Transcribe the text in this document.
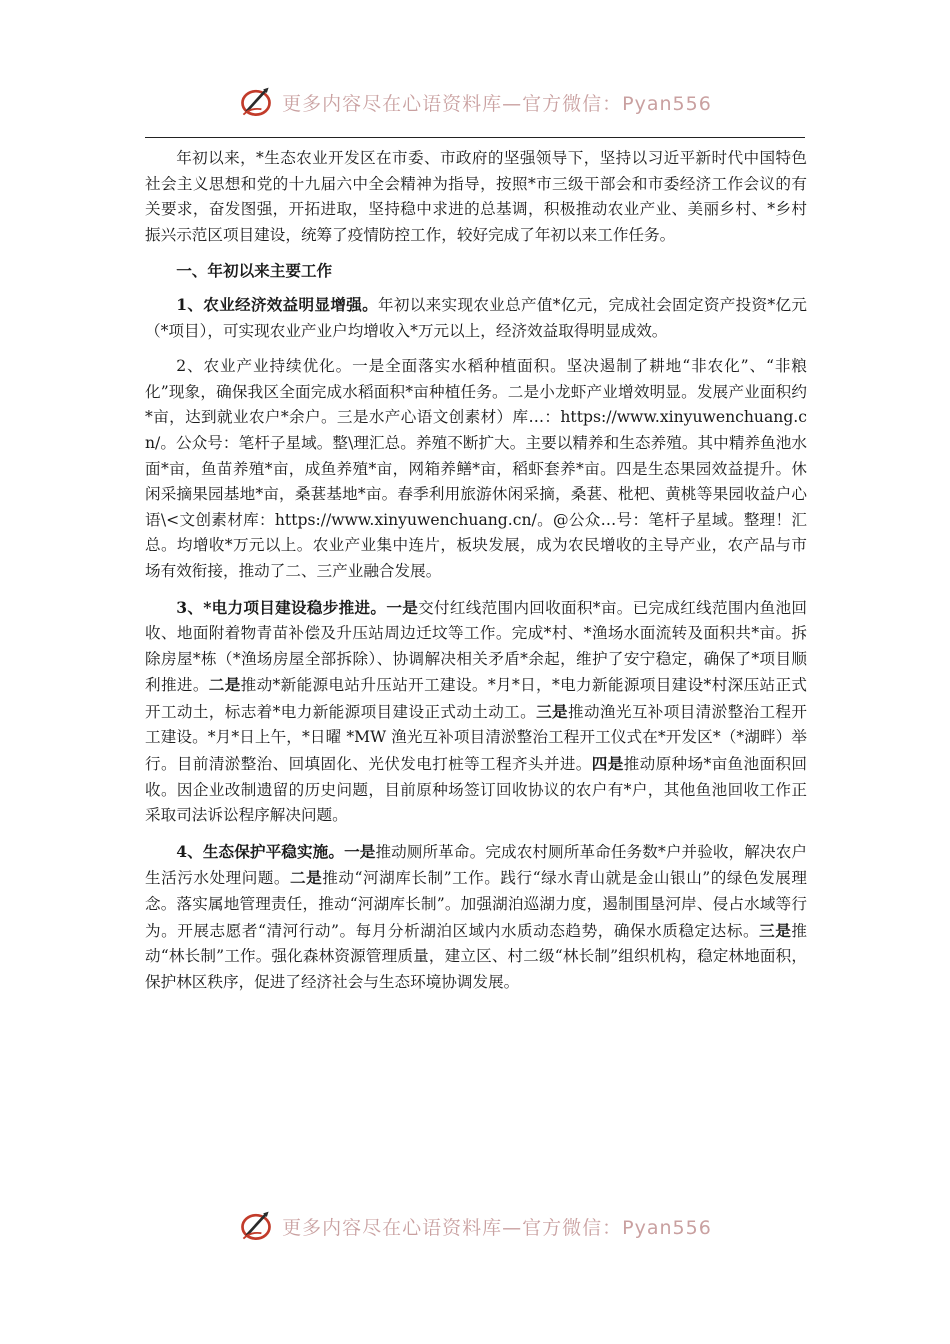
更多内容尽在心语资料库—官方微信：Pyan556

年初以来，*生态农业开发区在市委、市政府的坚强领导下，坚持以习近平新时代中国特色社会主义思想和党的十九届六中全会精神为指导，按照*市三级干部会和市委经济工作会议的有关要求，奋发图强，开拓进取，坚持稳中求进的总基调，积极推动农业产业、美丽乡村、*乡村振兴示范区项目建设，统筹了疫情防控工作，较好完成了年初以来工作任务。

一、年初以来主要工作

1、农业经济效益明显增强。年初以来实现农业总产值*亿元，完成社会固定资产投资*亿元（*项目），可实现农业产业户均增收入*万元以上，经济效益取得明显成效。

2、农业产业持续优化。一是全面落实水稻种植面积。坚决遏制了耕地“非农化”、“非粮化”现象，确保我区全面完成水稻面积*亩种植任务。二是小龙虾产业增效明显。发展产业面积约*亩，达到就业农户*余户。三是水产心语文创素材）库…：https://www.xinyuwenchuang.cn/。公众号：笔杆子星域。整\理汇总。养殖不断扩大。主要以精养和生态养殖。其中精养鱼池水面*亩，鱼苗养殖*亩，成鱼养殖*亩，网箱养鳝*亩，稻虾套养*亩。四是生态果园效益提升。休闲采摘果园基地*亩，桑葚基地*亩。春季利用旅游休闲采摘，桑葚、枇杷、黄桃等果园收益户心语\<文创素材库：https://www.xinyuwenchuang.cn/。@公众…号：笔杆子星域。整理！汇总。均增收*万元以上。农业产业集中连片，板块发展，成为农民增收的主导产业，农产品与市场有效衔接，推动了二、三产业融合发展。

3、*电力项目建设稳步推进。一是交付红线范围内回收面积*亩。已完成红线范围内鱼池回收、地面附着物青苗补偿及升压站周边迁坟等工作。完成*村、*渔场水面流转及面积共*亩。拆除房屋*栋（*渔场房屋全部拆除）、协调解决相关矛盾*余起，维护了安宁稳定，确保了*项目顺利推进。二是推动*新能源电站升压站开工建设。*月*日，*电力新能源项目建设*村深压站正式开工动土，标志着*电力新能源项目建设正式动土动工。三是推动渔光互补项目清淤整治工程开工建设。*月*日上午，*日曜 *MW 渔光互补项目清淤整治工程开工仪式在*开发区*（*湖畔）举行。目前清淤整治、回填固化、光伏发电打桩等工程齐头并进。四是推动原种场*亩鱼池面积回收。因企业改制遗留的历史问题，目前原种场签订回收协议的农户有*户，其他鱼池回收工作正采取司法诉讼程序解决问题。

4、生态保护平稳实施。一是推动厕所革命。完成农村厕所革命任务数*户并验收，解决农户生活污水处理问题。二是推动“河湖库长制”工作。践行“绿水青山就是金山银山”的绿色发展理念。落实属地管理责任，推动“河湖库长制”。加强湖泊巡湖力度，遏制围垦河岸、侵占水域等行为。开展志愿者“清河行动”。每月分析湖泊区域内水质动态趋势，确保水质稳定达标。三是推动“林长制”工作。强化森林资源管理质量，建立区、村二级“林长制”组织机构，稳定林地面积，保护林区秩序，促进了经济社会与生态环境协调发展。

更多内容尽在心语资料库—官方微信：Pyan556
